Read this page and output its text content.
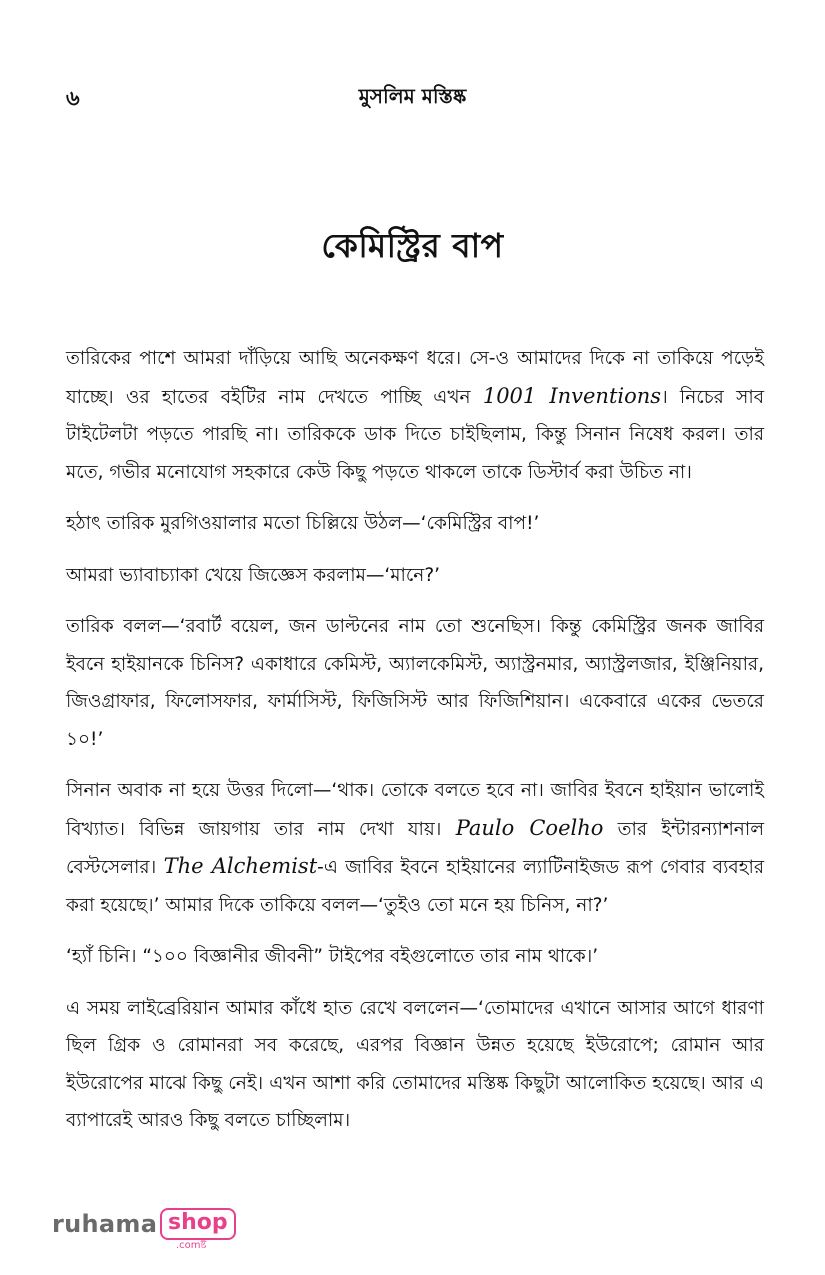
৬	মুসলিম মস্তিষ্ক
কেমিস্ট্রির বাপ

তারিকের পাশে আমরা দাঁড়িয়ে আছি অনেকক্ষণ ধরে। সে-ও আমাদের দিকে না তাকিয়ে পড়েই যাচ্ছে। ওর হাতের বইটির নাম দেখতে পাচ্ছি এখন 1001 Inventions। নিচের সাব টাইটেলটা পড়তে পারছি না। তারিককে ডাক দিতে চাইছিলাম, কিন্তু সিনান নিষেধ করল। তার মতে, গভীর মনোযোগ সহকারে কেউ কিছু পড়তে থাকলে তাকে ডিস্টার্ব করা উচিত না।

হঠাৎ তারিক মুরগিওয়ালার মতো চিল্লিয়ে উঠল—‘কেমিস্ট্রির বাপ!’

আমরা ভ্যাবাচ্যাকা খেয়ে জিজ্ঞেস করলাম—‘মানে?’

তারিক বলল—‘রবার্ট বয়েল, জন ডাল্টনের নাম তো শুনেছিস। কিন্তু কেমিস্ট্রির জনক জাবির ইবনে হাইয়ানকে চিনিস? একাধারে কেমিস্ট, অ্যালকেমিস্ট, অ্যাস্ট্রনমার, অ্যাস্ট্রলজার, ইঞ্জিনিয়ার, জিওগ্রাফার, ফিলোসফার, ফার্মাসিস্ট, ফিজিসিস্ট আর ফিজিশিয়ান। একেবারে একের ভেতরে ১০!’

সিনান অবাক না হয়ে উত্তর দিলো—‘থাক। তোকে বলতে হবে না। জাবির ইবনে হাইয়ান ভালোই বিখ্যাত। বিভিন্ন জায়গায় তার নাম দেখা যায়। Paulo Coelho তার ইন্টারন্যাশনাল বেস্টসেলার। The Alchemist-এ জাবির ইবনে হাইয়ানের ল্যাটিনাইজড রূপ গেবার ব্যবহার করা হয়েছে।’ আমার দিকে তাকিয়ে বলল—‘তুইও তো মনে হয় চিনিস, না?’

‘হ্যাঁ চিনি। “১০০ বিজ্ঞানীর জীবনী” টাইপের বইগুলোতে তার নাম থাকে।’

এ সময় লাইব্রেরিয়ান আমার কাঁধে হাত রেখে বললেন—‘তোমাদের এখানে আসার আগে ধারণা ছিল গ্রিক ও রোমানরা সব করেছে, এরপর বিজ্ঞান উন্নত হয়েছে ইউরোপে; রোমান আর ইউরোপের মাঝে কিছু নেই। এখন আশা করি তোমাদের মস্তিষ্ক কিছুটা আলোকিত হয়েছে। আর এ ব্যাপারেই আরও কিছু বলতে চাচ্ছিলাম।

ruhama shop
.comষ্ট
